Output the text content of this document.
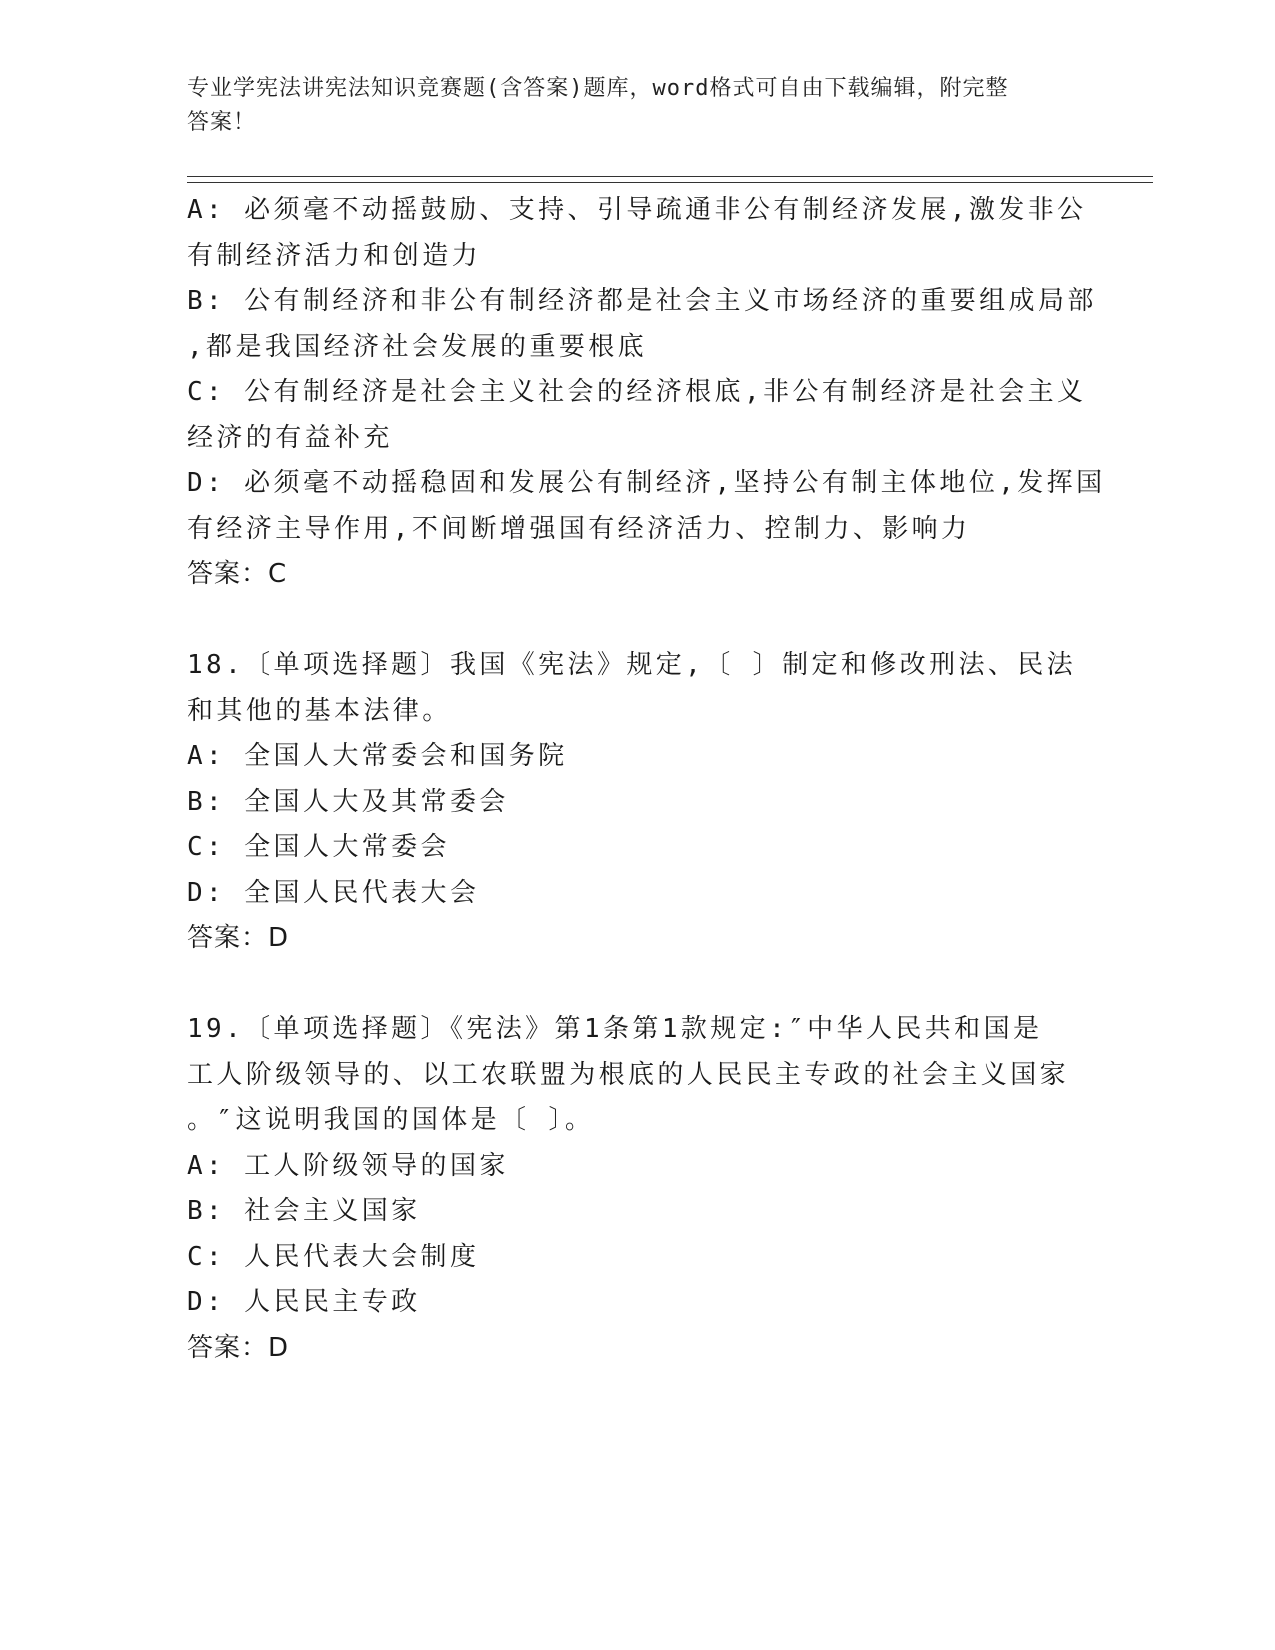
专业学宪法讲宪法知识竞赛题(含答案)题库，word格式可自由下载编辑，附完整
答案！
A: 必须毫不动摇鼓励、支持、引导疏通非公有制经济发展,激发非公
有制经济活力和创造力
B: 公有制经济和非公有制经济都是社会主义市场经济的重要组成局部
,都是我国经济社会发展的重要根底
C: 公有制经济是社会主义社会的经济根底,非公有制经济是社会主义
经济的有益补充
D: 必须毫不动摇稳固和发展公有制经济,坚持公有制主体地位,发挥国
有经济主导作用,不间断增强国有经济活力、控制力、影响力
答案：C
18.〔单项选择题〕我国《宪法》规定,〔 〕制定和修改刑法、民法
和其他的基本法律。
A: 全国人大常委会和国务院
B: 全国人大及其常委会
C: 全国人大常委会
D: 全国人民代表大会
答案：D
19.〔单项选择题〕《宪法》第1条第1款规定:″中华人民共和国是
工人阶级领导的、以工农联盟为根底的人民民主专政的社会主义国家
。″这说明我国的国体是〔 〕。
A: 工人阶级领导的国家
B: 社会主义国家
C: 人民代表大会制度
D: 人民民主专政
答案：D
